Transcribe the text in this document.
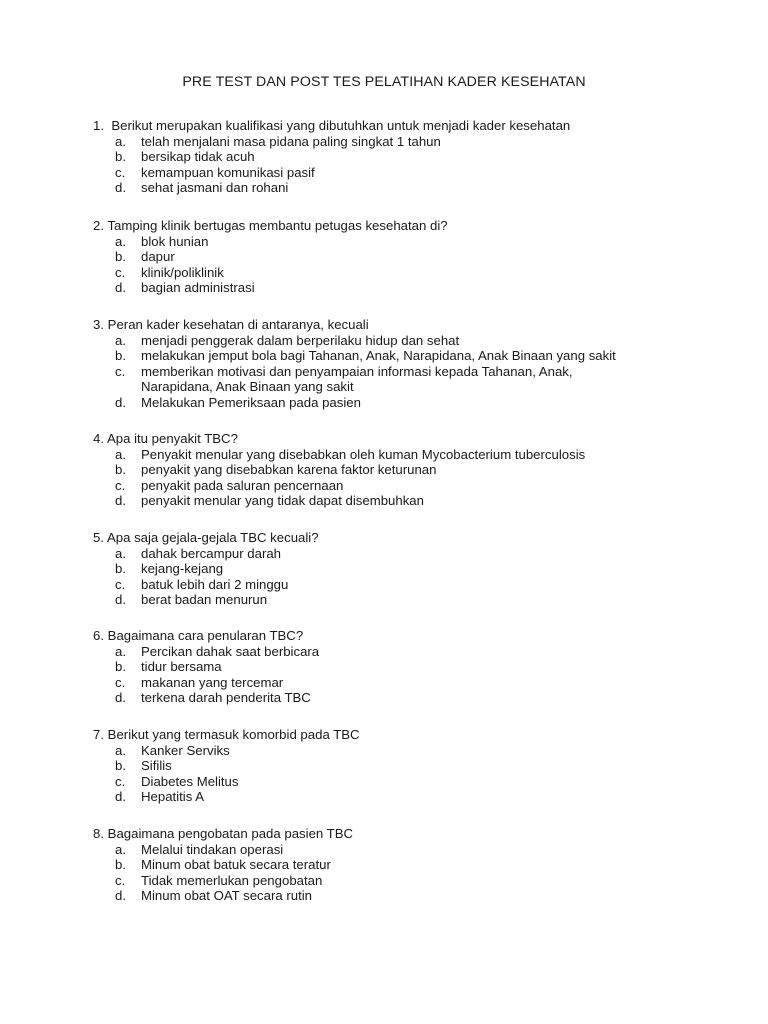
PRE TEST DAN POST TES PELATIHAN KADER KESEHATAN
1. Berikut merupakan kualifikasi yang dibutuhkan untuk menjadi kader kesehatan
a.	telah menjalani masa pidana paling singkat 1 tahun
b.	bersikap tidak acuh
c.	kemampuan komunikasi pasif
d.	sehat jasmani dan rohani
2. Tamping klinik bertugas membantu petugas kesehatan di?
a.	blok hunian
b.	dapur
c.	klinik/poliklinik
d.	bagian administrasi
3. Peran kader kesehatan di antaranya, kecuali
a.	menjadi penggerak dalam berperilaku hidup dan sehat
b.	melakukan jemput bola bagi Tahanan, Anak, Narapidana, Anak Binaan yang sakit
c.	memberikan motivasi dan penyampaian informasi kepada Tahanan, Anak, Narapidana, Anak Binaan yang sakit
d.	Melakukan Pemeriksaan pada pasien
4. Apa itu penyakit TBC?
a.	Penyakit menular yang disebabkan oleh kuman Mycobacterium tuberculosis
b.	penyakit yang disebabkan karena faktor keturunan
c.	penyakit pada saluran pencernaan
d.	penyakit menular yang tidak dapat disembuhkan
5. Apa saja gejala-gejala TBC kecuali?
a.	dahak bercampur darah
b.	kejang-kejang
c.	batuk lebih dari 2 minggu
d.	berat badan menurun
6. Bagaimana cara penularan TBC?
a.	Percikan dahak saat berbicara
b.	tidur bersama
c.	makanan yang tercemar
d.	terkena darah penderita TBC
7. Berikut yang termasuk komorbid pada TBC
a.	Kanker Serviks
b.	Sifilis
c.	Diabetes Melitus
d.	Hepatitis A
8. Bagaimana pengobatan pada pasien TBC
a.	Melalui tindakan operasi
b.	Minum obat batuk secara teratur
c.	Tidak memerlukan pengobatan
d.	Minum obat OAT secara rutin
